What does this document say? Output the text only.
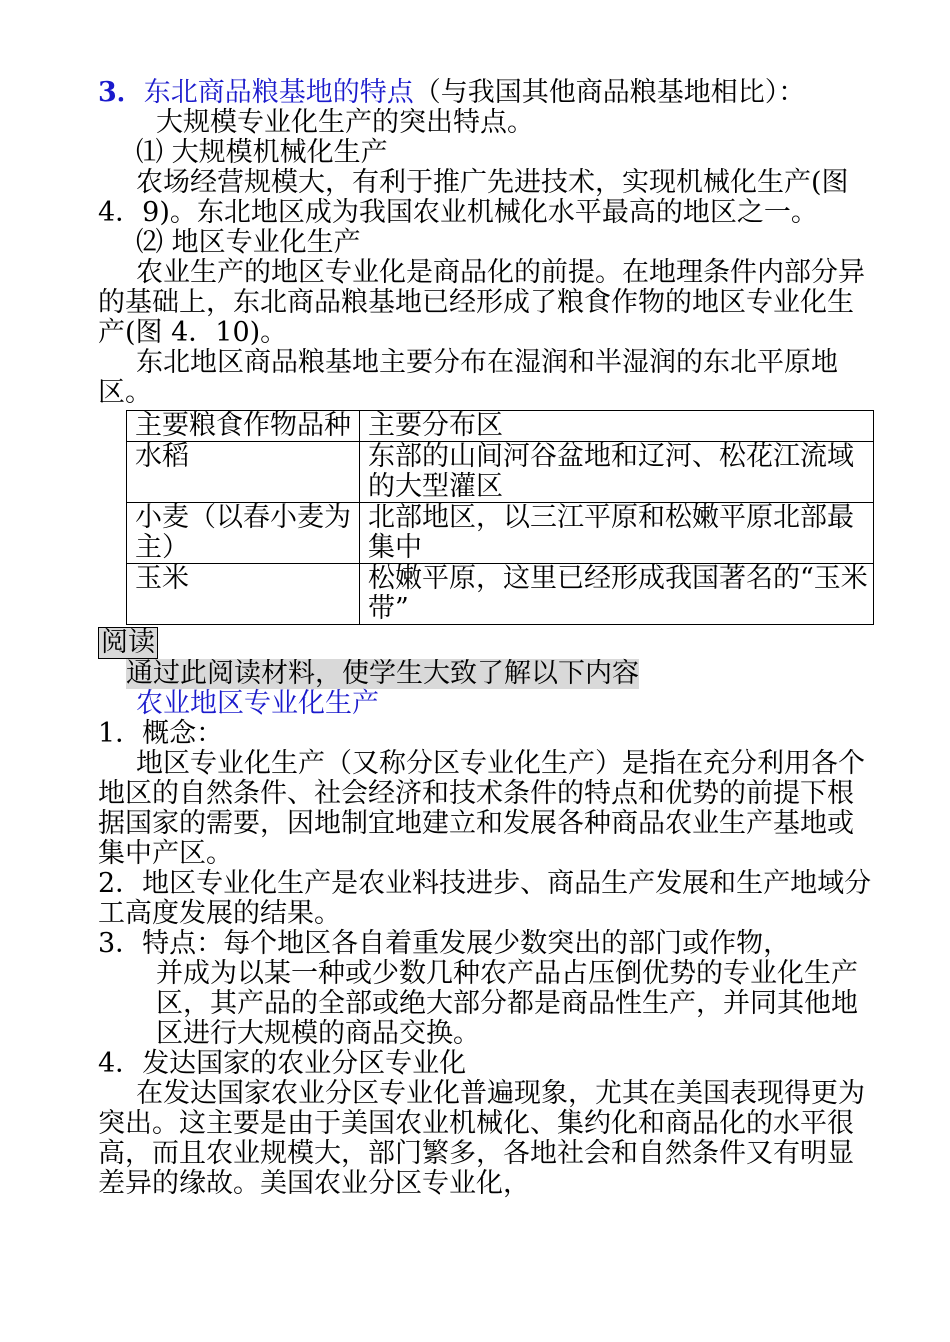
3．东北商品粮基地的特点（与我国其他商品粮基地相比）：
大规模专业化生产的突出特点。
⑴ 大规模机械化生产
农场经营规模大，有利于推广先进技术，实现机械化生产(图 4．9)。东北地区成为我国农业机械化水平最高的地区之一。
⑵ 地区专业化生产
农业生产的地区专业化是商品化的前提。在地理条件内部分异的基础上，东北商品粮基地已经形成了粮食作物的地区专业化生产(图 4．10)。
东北地区商品粮基地主要分布在湿润和半湿润的东北平原地区。
主要粮食作物品种	主要分布区
水稻	东部的山间河谷盆地和辽河、松花江流域的大型灌区
小麦（以春小麦为主）	北部地区，以三江平原和松嫩平原北部最集中
玉米	松嫩平原，这里已经形成我国著名的“玉米带”
阅读
通过此阅读材料，使学生大致了解以下内容
农业地区专业化生产
1．概念：
地区专业化生产（又称分区专业化生产）是指在充分利用各个地区的自然条件、社会经济和技术条件的特点和优势的前提下根据国家的需要，因地制宜地建立和发展各种商品农业生产基地或集中产区。
2．地区专业化生产是农业料技进步、商品生产发展和生产地域分工高度发展的结果。
3．特点：每个地区各自着重发展少数突出的部门或作物，
并成为以某一种或少数几种农产品占压倒优势的专业化生产区，其产品的全部或绝大部分都是商品性生产，并同其他地区进行大规模的商品交换。
4．发达国家的农业分区专业化
在发达国家农业分区专业化普遍现象，尤其在美国表现得更为突出。这主要是由于美国农业机械化、集约化和商品化的水平很高，而且农业规模大，部门繁多，各地社会和自然条件又有明显差异的缘故。美国农业分区专业化，
